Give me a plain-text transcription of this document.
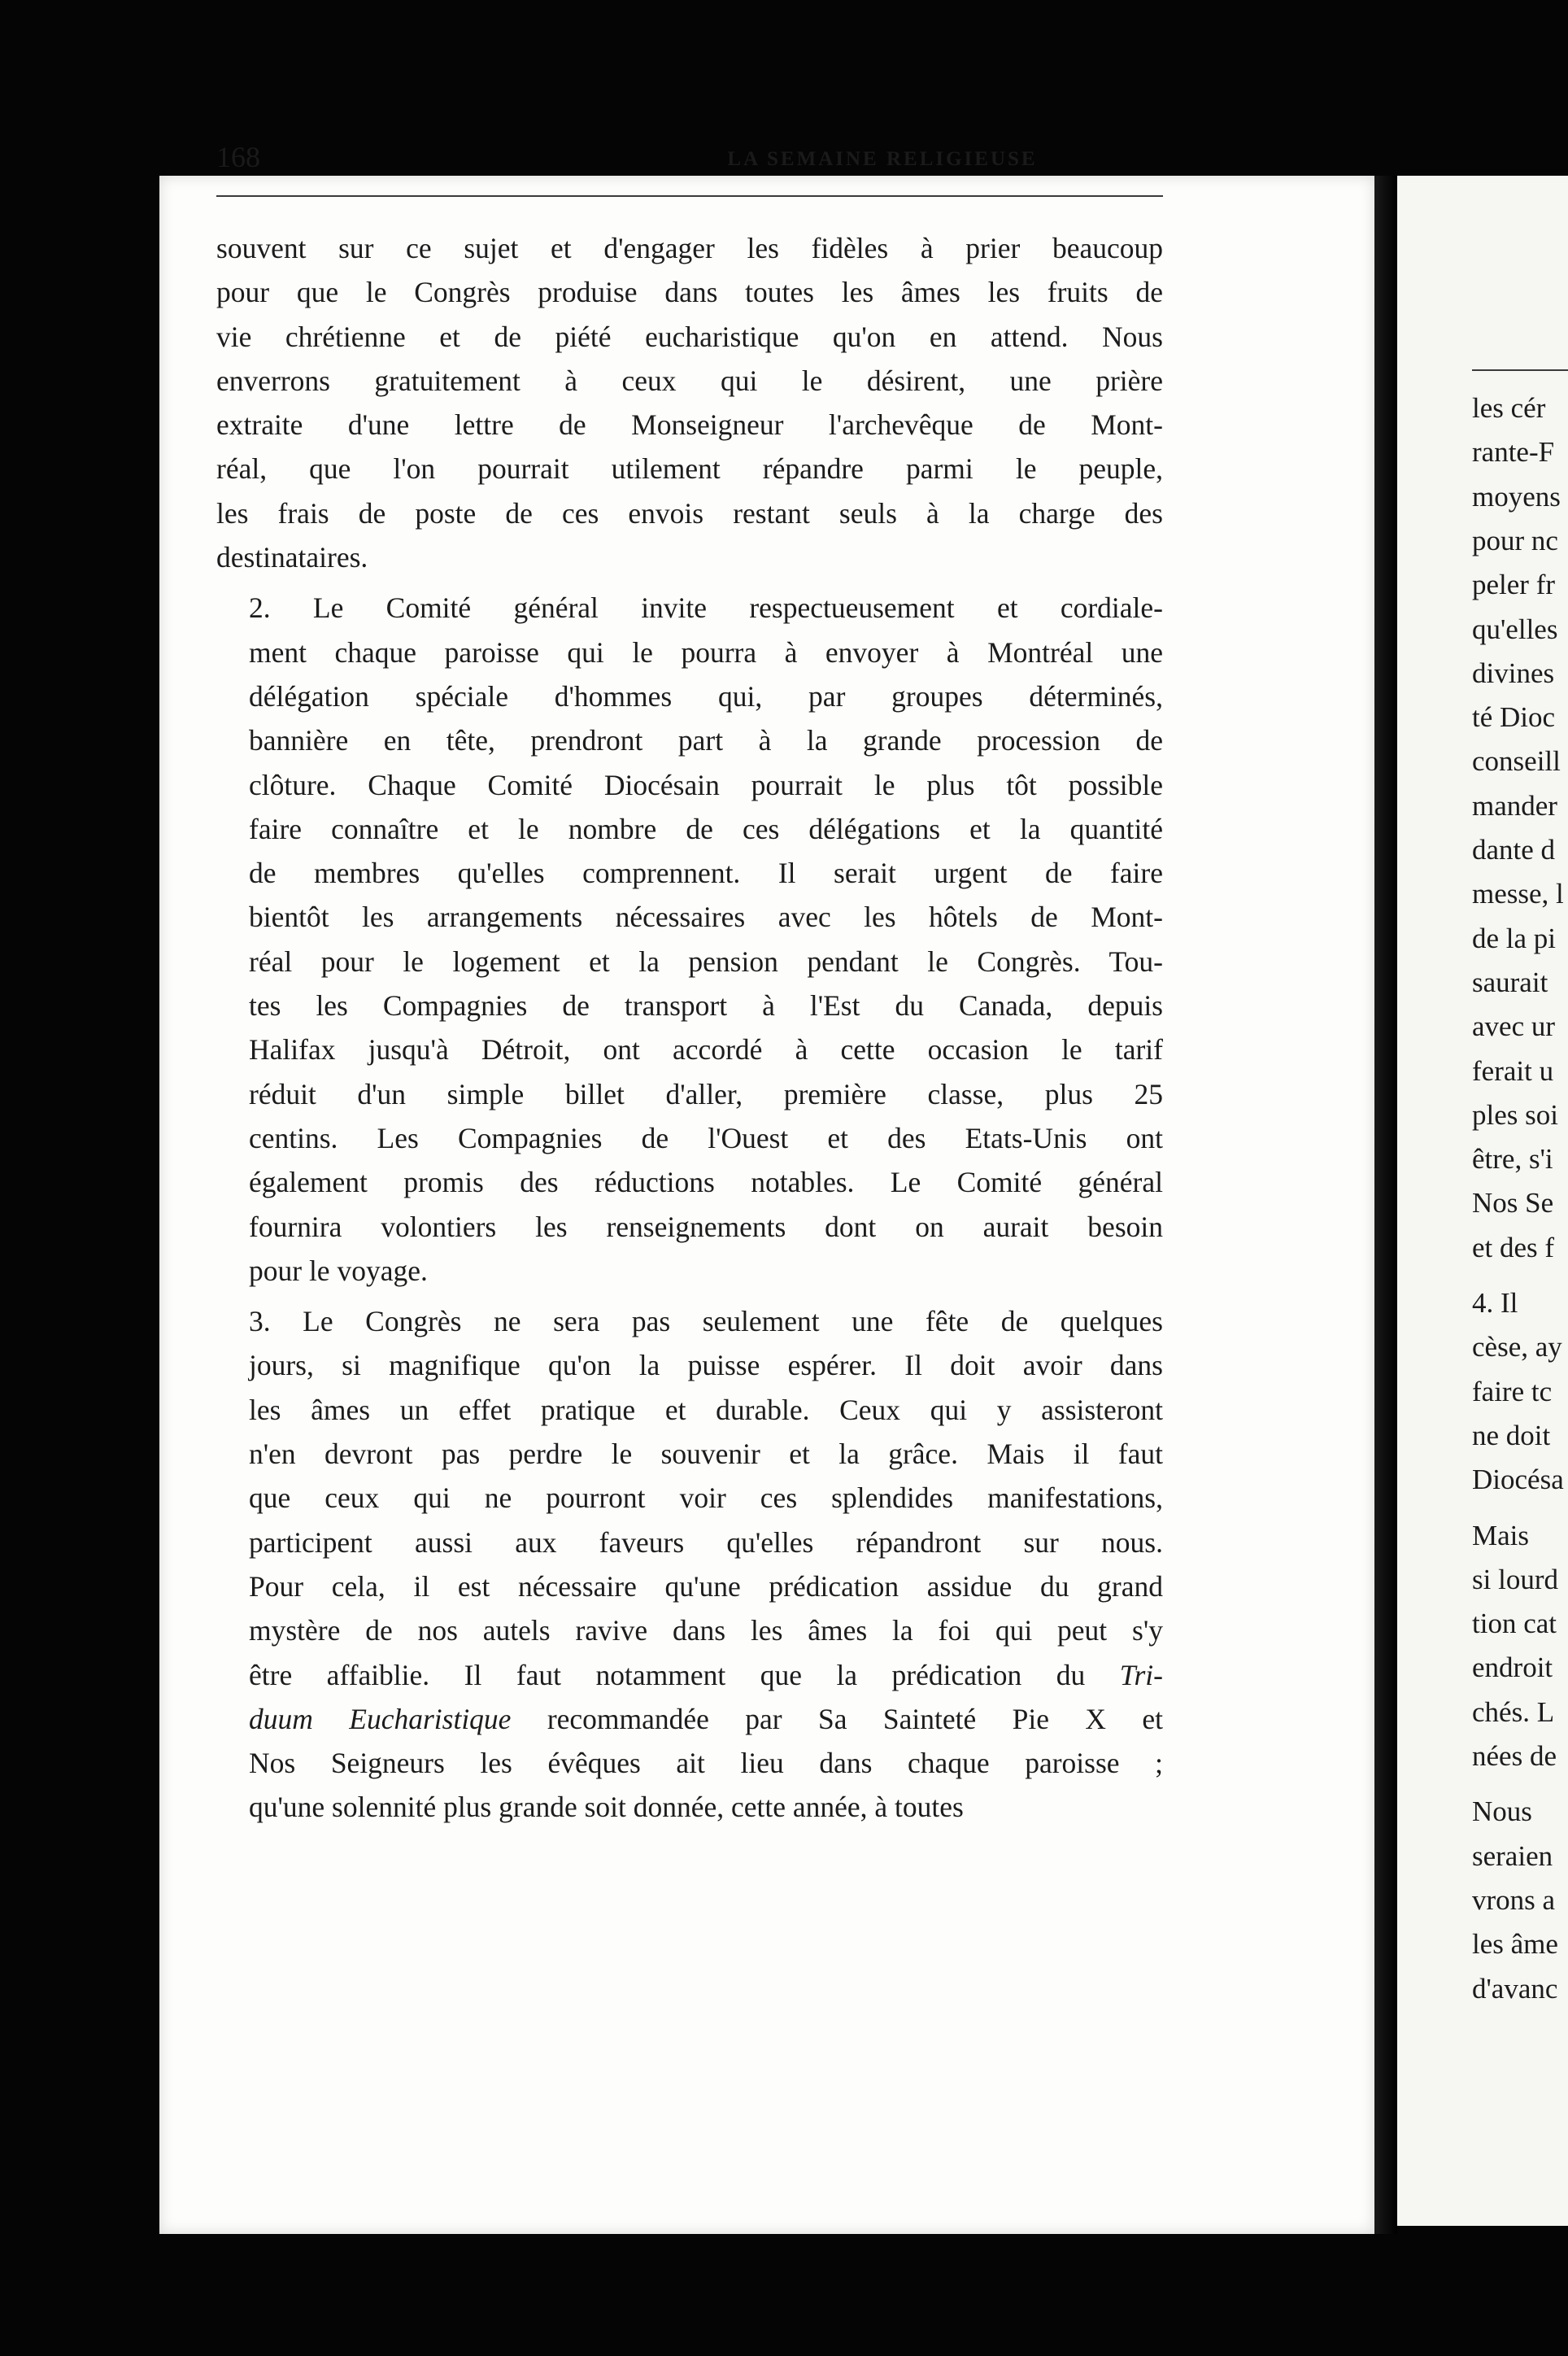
les cér
rante-F
moyens
pour nc
peler fr
qu'elles
divines
té Dioc
conseill
mander
dante d
messe, l
de la pi
saurait
avec ur
ferait u
ples soi
être, s'i
Nos Se
et des f
4. Il
cèse, ay
faire tc
ne doit
Diocésa
Mais
si lourd
tion cat
endroit
chés. L
nées de
Nous
seraien
vrons a
les âme
d'avanc
168	LA SEMAINE RELIGIEUSE

souvent sur ce sujet et d'engager les fidèles à prier beaucoup
pour que le Congrès produise dans toutes les âmes les fruits de
vie chrétienne et de piété eucharistique qu'on en attend. Nous
enverrons gratuitement à ceux qui le désirent, une prière
extraite d'une lettre de Monseigneur l'archevêque de Mont-
réal, que l'on pourrait utilement répandre parmi le peuple,
les frais de poste de ces envois restant seuls à la charge des
destinataires.

2. Le Comité général invite respectueusement et cordiale-
ment chaque paroisse qui le pourra à envoyer à Montréal une
délégation spéciale d'hommes qui, par groupes déterminés,
bannière en tête, prendront part à la grande procession de
clôture. Chaque Comité Diocésain pourrait le plus tôt possible
faire connaître et le nombre de ces délégations et la quantité
de membres qu'elles comprennent. Il serait urgent de faire
bientôt les arrangements nécessaires avec les hôtels de Mont-
réal pour le logement et la pension pendant le Congrès. Tou-
tes les Compagnies de transport à l'Est du Canada, depuis
Halifax jusqu'à Détroit, ont accordé à cette occasion le tarif
réduit d'un simple billet d'aller, première classe, plus 25
centins. Les Compagnies de l'Ouest et des Etats-Unis ont
également promis des réductions notables. Le Comité général
fournira volontiers les renseignements dont on aurait besoin
pour le voyage.

3. Le Congrès ne sera pas seulement une fête de quelques
jours, si magnifique qu'on la puisse espérer. Il doit avoir dans
les âmes un effet pratique et durable. Ceux qui y assisteront
n'en devront pas perdre le souvenir et la grâce. Mais il faut
que ceux qui ne pourront voir ces splendides manifestations,
participent aussi aux faveurs qu'elles répandront sur nous.
Pour cela, il est nécessaire qu'une prédication assidue du grand
mystère de nos autels ravive dans les âmes la foi qui peut s'y
être affaiblie. Il faut notamment que la prédication du Tri-
duum Eucharistique recommandée par Sa Sainteté Pie X et
Nos Seigneurs les évêques ait lieu dans chaque paroisse ;
qu'une solennité plus grande soit donnée, cette année, à toutes
